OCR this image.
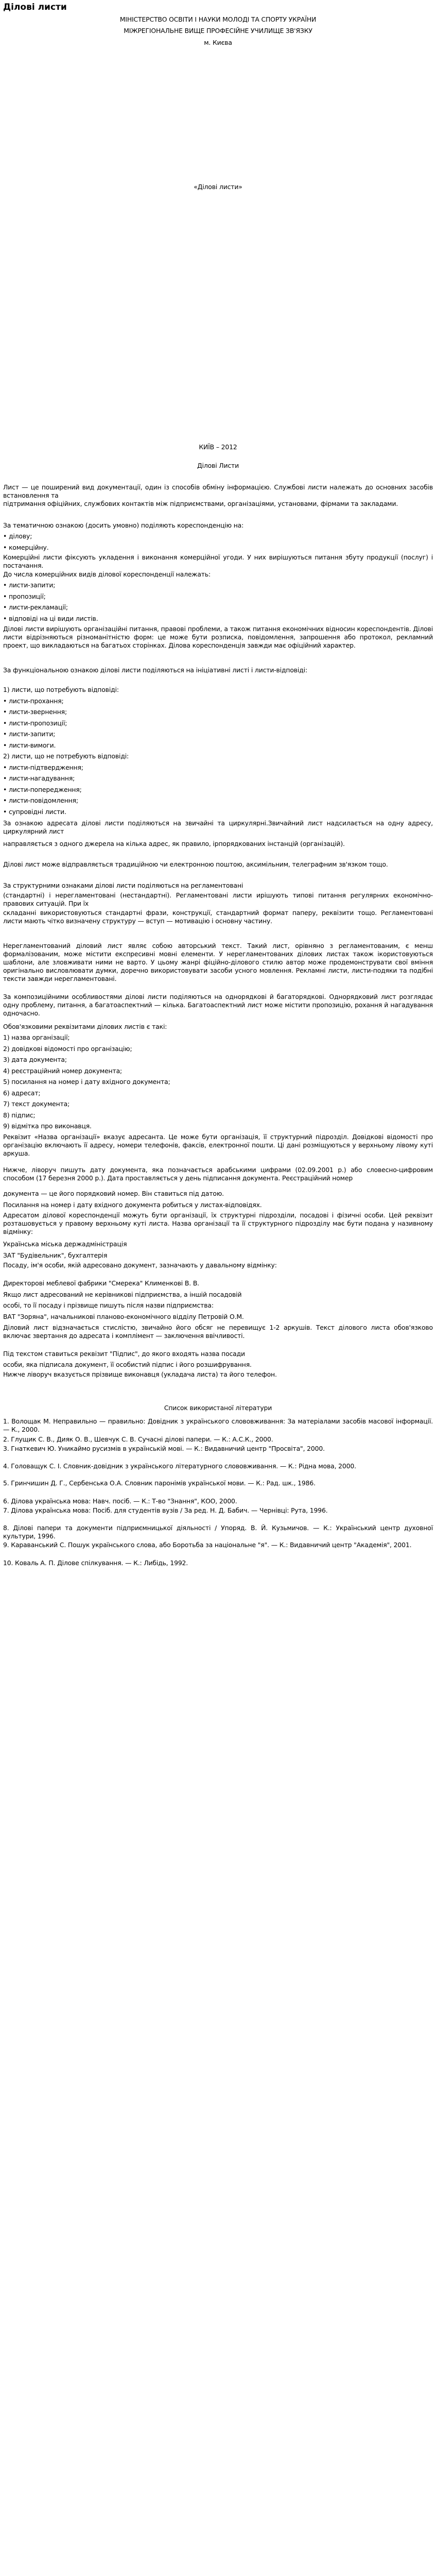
Ділові листи
МІНІСТЕРСТВО ОСВІТИ І НАУКИ МОЛОДІ ТА СПОРТУ УКРАЇНИ
МІЖРЕГІОНАЛЬНЕ ВИЩЕ ПРОФЕСІЙНЕ УЧИЛИЩЕ ЗВ'ЯЗКУ
м. Києва
«Ділові листи»
КИЇВ – 2012
Ділові Листи

Лист — це поширений вид документації, один із способів обміну інформацією. Службові листи належать до основних засобів встановлення та

підтримання офіційних, службових контактів між підприємствами, організаціями, установами, фірмами та закладами.

За тематичною ознакою (досить умовно) поділяють кореспонденцію на:

• ділову;

• комерційну.

Комерційні листи фіксують укладення і виконання комерційної угоди. У них вирішуються питання збуту продукції (послуг) і постачання.

До числа комерційних видів ділової кореспонденції належать:

• листи-запити;

• пропозиції;

• листи-рекламації;

• відповіді на ці види листів.

Ділові листи вирішують організаційні питання, правові проблеми, а також питання економічних відносин кореспондентів. Ділові листи відрізняються різноманітністю форм: це може бути розписка, повідомлення, запрошення або протокол, рекламний проект, що викладаються на багатьох сторінках. Ділова кореспонденція завжди має офіційний характер.

За функціональною ознакою ділові листи поділяються на ініціативні листі і листи-відповіді:

1) листи, що потребують відповіді:

• листи-прохання;

• листи-звернення;

• листи-пропозиції;

• листи-запити;

• листи-вимоги.

2) листи, що не потребують відповіді:

• листи-підтвердження;

• листи-нагадування;

• листи-попередження;

• листи-повідомлення;

• супровідні листи.

За ознакою адресата ділові листи поділяються на звичайні та циркулярні.Звичайний лист надсилається на одну адресу, циркулярний лист

направляється з одного джерела на кілька адрес, як правило, ірпорядкованих інстанцій (організацій).

Ділові лист може відправляється традиційною чи електронною поштою, аксимільним, телеграфним зв'язком тощо.

За структурними ознаками ділові листи поділяються на регламентовані

(стандартні) і нерегламентовані (нестандартні). Регламентовані листи ирішують типові питання регулярних економічно-правових ситуацій. При їх

складанні використовуються стандартні фрази, конструкції, стандартний формат паперу, реквізити тощо. Регламентовані листи мають чітко визначену структуру — вступ — мотивацію і основну частину.

Нерегламентований діловий лист являє собою авторський текст. Такий лист, орівняно з регламентованим, є менш формалізованим, може містити експресивні мовні елементи. У нерегламентованих ділових листах також ікористовуються шаблони, але зловживати ними не варто. У цьому жанрі фіційно-ділового стилю автор може продемонструвати свої вміння оригінально висловлювати думки, доречно використовувати засоби усного мовлення. Рекламні листи, листи-подяки та подібні тексти завжди нерегламентовані.

За композиційними особливостями ділові листи поділяються на однорядкові й багаторядкові. Однорядковий лист розглядає одну проблему, питання, а багатоаспектний — кілька. Багатоаспектний лист може містити пропозицію, рохання й нагадування одночасно.

Обов'язковими реквізитами ділових листів є такі:

1) назва організації;

2) довідкові відомості про організацію;

3) дата документа;

4) реєстраційний номер документа;

5) посилання на номер і дату вхідного документа;

6) адресат;

7) текст документа;

8) підпис;

9) відмітка про виконавця.

Реквізит «Назва організації» вказує адресанта. Це може бути організація, її структурний підрозділ. Довідкові відомості про організацію включають її адресу, номери телефонів, факсів, електронної пошти. Ці дані розміщуються у верхньому лівому куті аркуша.

Нижче, ліворуч пишуть дату документа, яка позначається арабськими цифрами (02.09.2001 р.) або словесно-цифровим способом (17 березня 2000 р.). Дата проставляється у день підписання документа. Реєстраційний номер

документа — це його порядковий номер. Він ставиться під датою.

Посилання на номер і дату вхідного документа робиться у листах-відповідях.

Адресатом ділової кореспонденції можуть бути організації, їх структурні підрозділи, посадові і фізичні особи. Цей реквізит розташовується у правому верхньому куті листа. Назва організації та її структурного підрозділу має бути подана у називному відмінку:

Українська міська держадміністрація

ЗАТ "Будівельник", бухгалтерія

Посаду, ім'я особи, якій адресовано документ, зазначають у давальному відмінку:

Директорові меблевої фабрики "Смерека" Клименкові В. В.

Якщо лист адресований не керівникові підприємства, а іншій посадовій

особі, то її посаду і прізвище пишуть після назви підприємства:

ВАТ "Зоряна", начальникові планово-економічного відділу Петровій О.М.

Діловий лист відзначається стислістю, звичайно його обсяг не перевищує 1-2 аркушів. Текст ділового листа обов'язково включає звертання до адресата і комплімент — заключення ввічливості.

Під текстом ставиться реквізит "Підпис", до якого входять назва посади

особи, яка підписала документ, її особистий підпис і його розшифрування.

Нижче ліворуч вказується прізвище виконавця (укладача листа) та його телефон.

Список використаної літератури

1. Волощак М. Неправильно — правильно: Довідник з українського слововживання: За матеріалами засобів масової інформації. — К., 2000.

2. Глущик С. В., Дияк О. В., Шевчук С. В. Сучасні ділові папери. — К.: А.С.К., 2000.

3. Гнаткевич Ю. Уникаймо русизмів в українській мові. — К.: Видавничий центр "Просвіта", 2000.

4. Головащук С. І. Словник-довідник з українського літературного слововживання. — К.: Рідна мова, 2000.

5. Гринчишин Д. Г., Сербенська О.А. Словник паронімів української мови. — К.: Рад. шк., 1986.

6. Ділова українська мова: Навч. посіб. — К.: Т-во "Знання", КОО, 2000.

7. Ділова українська мова: Посіб. для студентів вузів / За ред. Н. Д. Бабич. — Чернівці: Рута, 1996.

8. Ділові папери та документи підприємницької діяльності / Упоряд. В. Й. Кузьмичов. — К.: Український центр духовної культури, 1996.

9. Караванський С. Пошук українського слова, або Боротьба за національне "я". — К.: Видавничий центр "Академія", 2001.

10. Коваль А. П. Ділове спілкування. — К.: Либідь, 1992.
